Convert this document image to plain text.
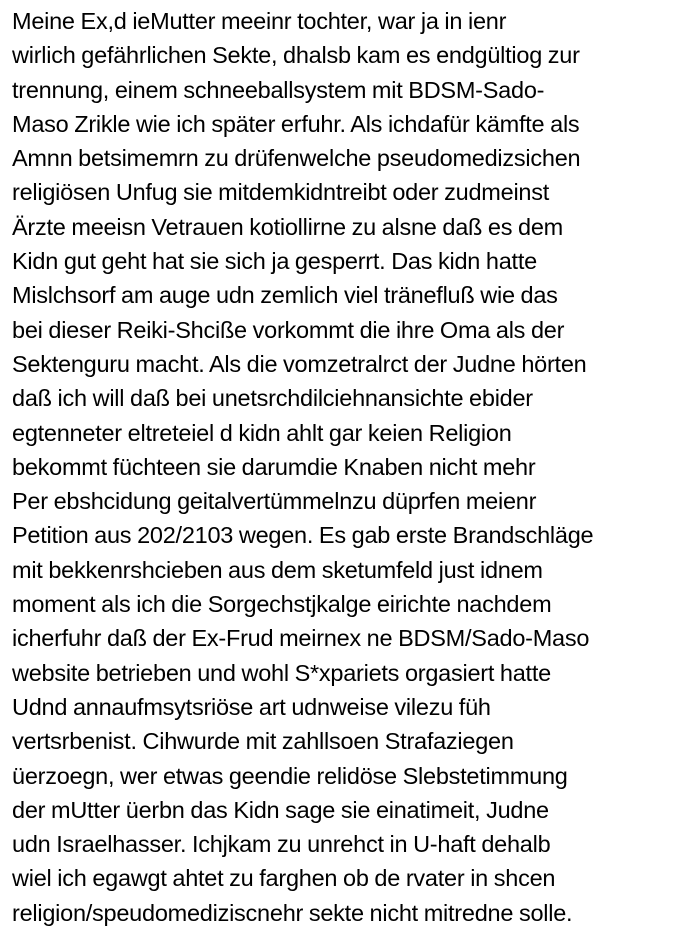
Meine Ex,d ieMutter meeinr tochter, war ja in ienr
wirlich gefährlichen Sekte, dhalsb kam es endgültiog zur
trennung, einem schneeballsystem mit BDSM-Sado-
Maso Zrikle wie ich später erfuhr. Als ichdafür kämfte als
Amnn betsimemrn zu drüfenwelche pseudomedizsichen
religiösen Unfug sie mitdemkidntreibt oder zudmeinst
Ärzte meeisn Vetrauen kotiollirne zu alsne daß es dem
Kidn gut geht hat sie sich ja gesperrt. Das kidn hatte
Mislchsorf am auge udn zemlich viel tränefluß wie das
bei dieser Reiki-Shciße vorkommt die ihre Oma als der
Sektenguru macht. Als die vomzetralrct der Judne hörten
daß ich will daß bei unetsrchdilciehnansichte ebider
egtenneter eltreteiel d kidn ahlt gar keien Religion
bekommt füchteen sie darumdie Knaben nicht mehr
Per ebshcidung geitalvertümmelnzu düprfen meienr
Petition aus 202/2103 wegen. Es gab erste Brandschläge
mit bekkenrshcieben aus dem sketumfeld just idnem
moment als ich die Sorgechstjkalge eirichte nachdem
icherfuhr daß der Ex-Frud meirnex ne BDSM/Sado-Maso
website betrieben und wohl S*xpariets orgasiert hatte
Udnd annaufmsytsriöse art udnweise vilezu füh
vertsrbenist. Cihwurde mit zahllsoen Strafaziegen
üerzoegn, wer etwas geendie relidöse Slebstetimmung
der mUtter üerbn das Kidn sage sie einatimeit, Judne
udn Israelhasser. Ichjkam zu unrehct in U-haft dehalb
wiel ich egawgt ahtet zu farghen ob de rvater in shcen
religion/speudomediziscnehr sekte nicht mitredne solle.
